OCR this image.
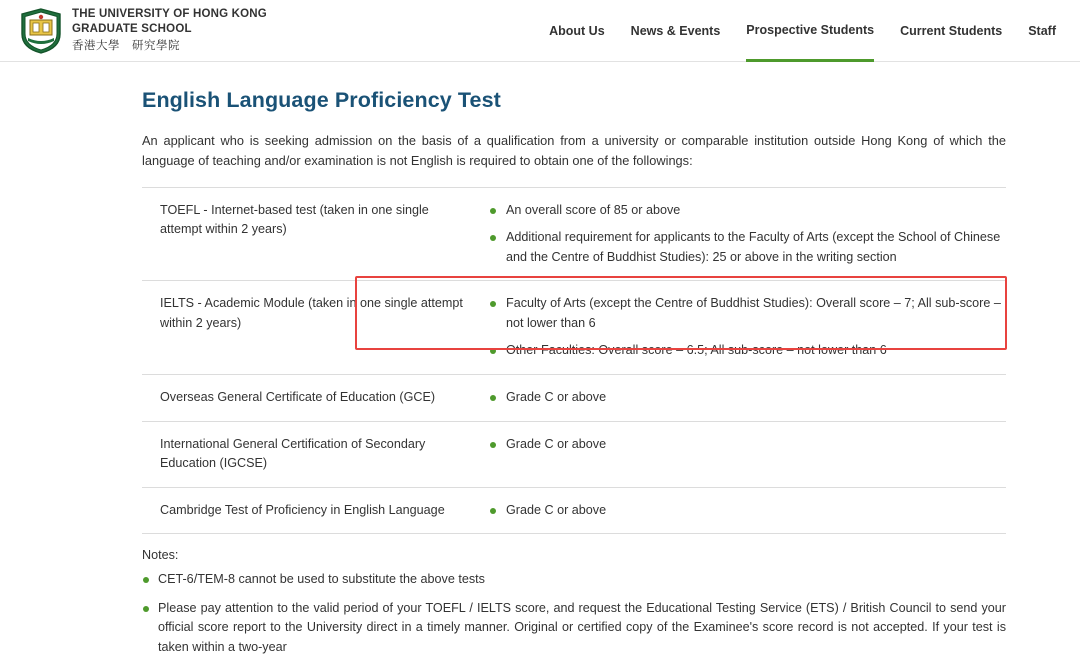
THE UNIVERSITY OF HONG KONG
GRADUATE SCHOOL
香港大學　研究學院
About Us News & Events Prospective Students Current Students Staff
English Language Proficiency Test

An applicant who is seeking admission on the basis of a qualification from a university or comparable institution outside Hong Kong of which the language of teaching and/or examination is not English is required to obtain one of the followings:

TOEFL - Internet-based test (taken in one single attempt within 2 years)	
An overall score of 85 or above
Additional requirement for applicants to the Faculty of Arts (except the School of Chinese and the Centre of Buddhist Studies): 25 or above in the writing section

IELTS - Academic Module (taken in one single attempt within 2 years)	
Faculty of Arts (except the Centre of Buddhist Studies): Overall score – 7; All sub-score – not lower than 6
Other Faculties: Overall score – 6.5; All sub-score – not lower than 6

Overseas General Certificate of Education (GCE)	Grade C or above

International General Certification of Secondary Education (IGCSE)	
Grade C or above

Cambridge Test of Proficiency in English Language	Grade C or above
Notes:
CET-6/TEM-8 cannot be used to substitute the above tests
Please pay attention to the valid period of your TOEFL / IELTS score, and request the Educational Testing Service (ETS) / British Council to send your official score report to the University direct in a timely manner. Original or certified copy of the Examinee's score record is not accepted. If your test is taken within a two-year
